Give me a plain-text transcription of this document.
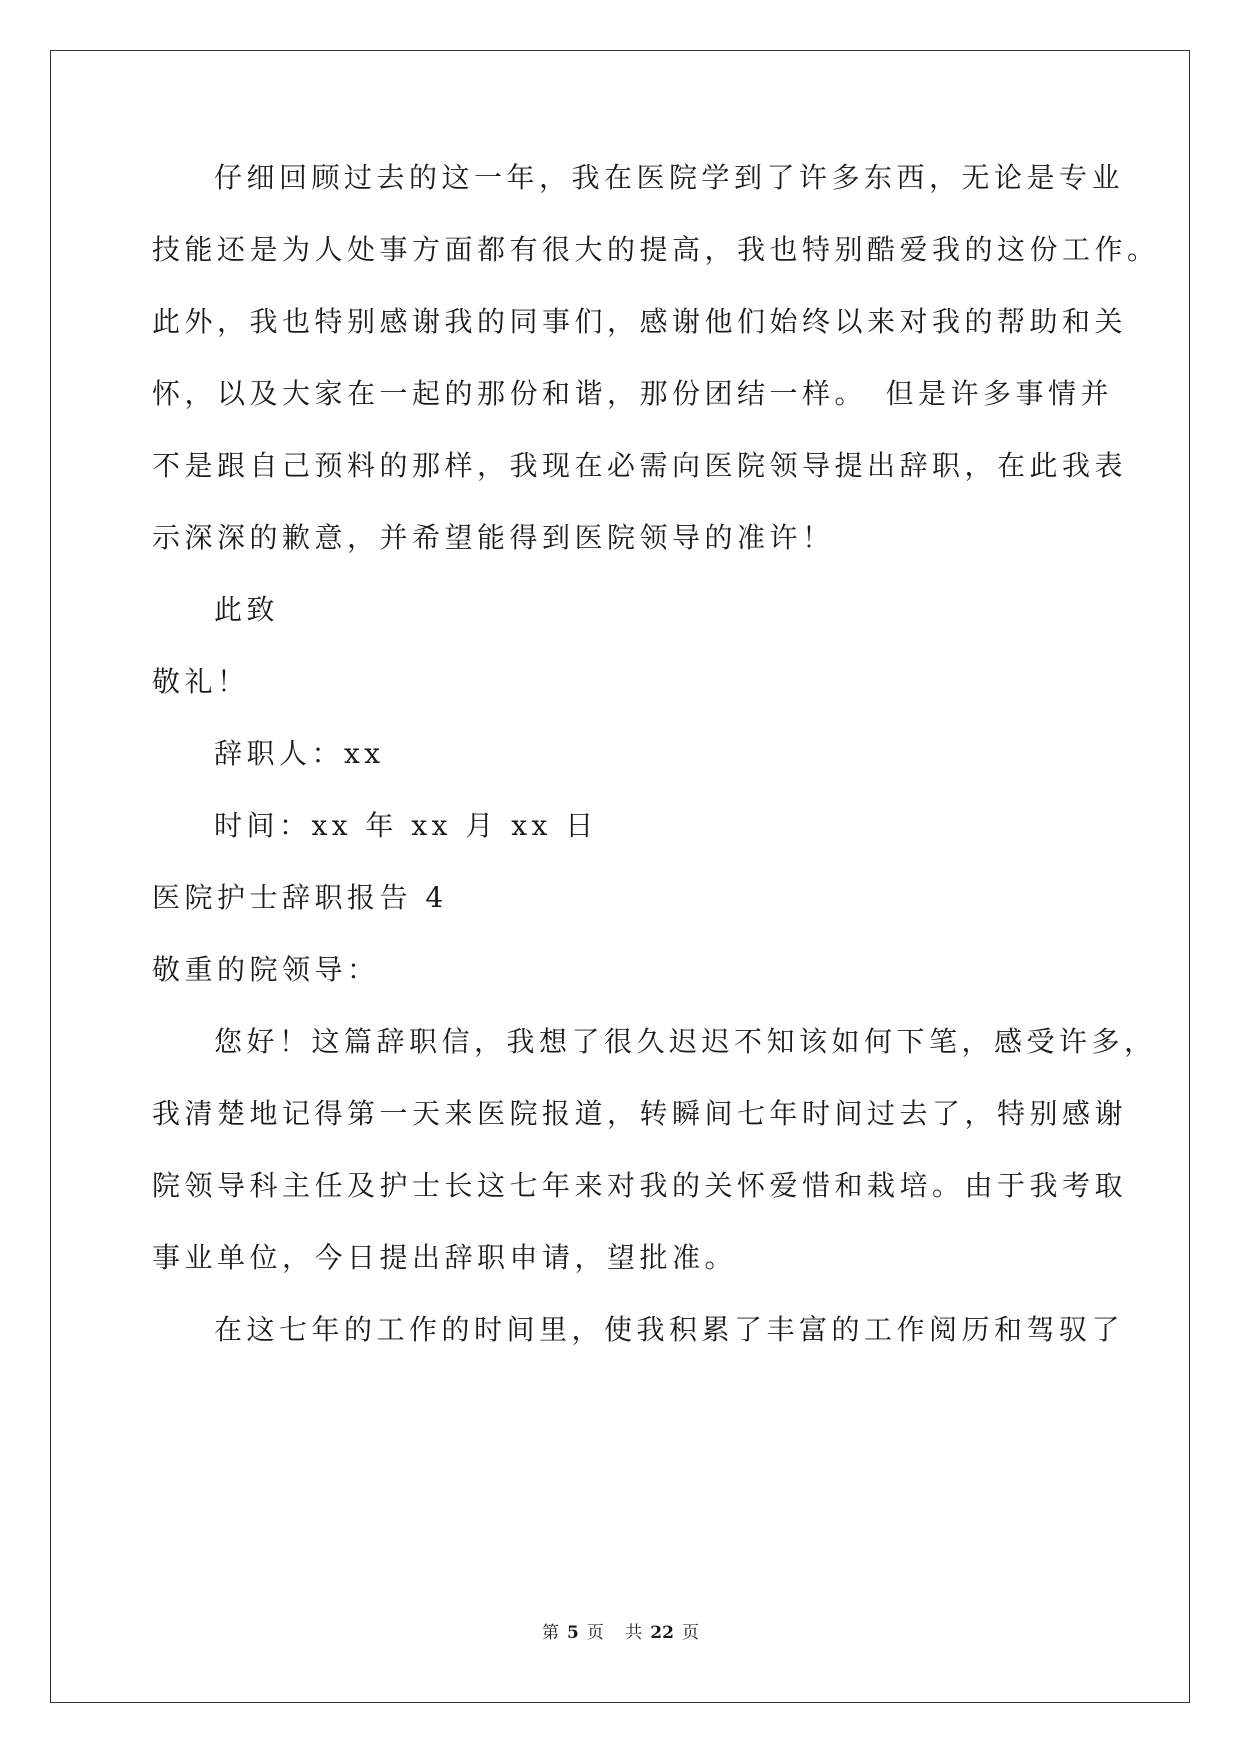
仔细回顾过去的这一年，我在医院学到了许多东西，无论是专业
技能还是为人处事方面都有很大的提高，我也特别酷爱我的这份工作。
此外，我也特别感谢我的同事们，感谢他们始终以来对我的帮助和关
怀，以及大家在一起的那份和谐，那份团结一样。　但是许多事情并
不是跟自己预料的那样，我现在必需向医院领导提出辞职，在此我表
示深深的歉意，并希望能得到医院领导的准许！
此致
敬礼！
辞职人：xx
时间：xx 年 xx 月 xx 日
医院护士辞职报告 4
敬重的院领导：
您好！这篇辞职信，我想了很久迟迟不知该如何下笔，感受许多，
我清楚地记得第一天来医院报道，转瞬间七年时间过去了，特别感谢
院领导科主任及护士长这七年来对我的关怀爱惜和栽培。由于我考取
事业单位，今日提出辞职申请，望批准。
在这七年的工作的时间里，使我积累了丰富的工作阅历和驾驭了
第 5 页 共 22 页
